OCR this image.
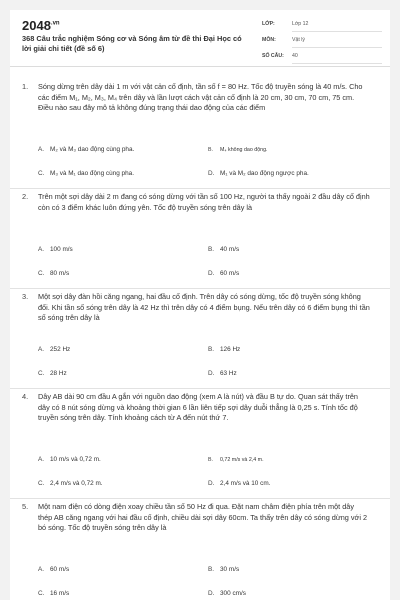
$2048^{.vn}$
368 Câu trắc nghiệm Sóng cơ và Sóng âm từ đề thi Đại Học có lời giải chi tiết (đề số 6)
LỚP:	Lớp 12
MÔN:	Vật lý
SỐ CÂU:	40
1. Sóng dừng trên dây dài 1 m với vật cản cố định, tần số f = 80 Hz. Tốc độ truyền sóng là 40 m/s. Cho các điểm M₁, M₂, M₃, M₄ trên dây và lần lượt cách vật cản cố định là 20 cm, 30 cm, 70 cm, 75 cm. Điều nào sau đây mô tả không đúng trạng thái dao động của các điểm
A. M₂ và M₃ dao động cùng pha.	B. M₄ không dao động.
C. M₃ và M₁ dao động cùng pha.	D. M₁ và M₂ dao động ngược pha.
2. Trên một sợi dây dài 2 m đang có sóng dừng với tần số 100 Hz, người ta thấy ngoài 2 đầu dây cố định còn có 3 điểm khác luôn đứng yên. Tốc độ truyền sóng trên dây là
A. 100 m/s	B. 40 m/s
C. 80 m/s	D. 60 m/s
3. Một sợi dây đàn hồi căng ngang, hai đầu cố định. Trên dây có sóng dừng, tốc độ truyền sóng không đổi. Khi tần số sóng trên dây là 42 Hz thì trên dây có 4 điểm bụng. Nếu trên dây có 6 điểm bụng thì tần số sóng trên dây là
A. 252 Hz	B. 126 Hz
C. 28 Hz	D. 63 Hz
4. Dây AB dài 90 cm đầu A gắn với nguồn dao động (xem A là nút) và đầu B tự do. Quan sát thấy trên dây có 8 nút sóng dừng và khoảng thời gian 6 lần liên tiếp sợi dây duỗi thẳng là 0,25 s. Tính tốc độ truyền sóng trên dây. Tính khoảng cách từ A đến nút thứ 7.
A. 10 m/s và 0,72 m.	B. 0,72 m/s và 2,4 m.
C. 2,4 m/s và 0,72 m.	D. 2,4 m/s và 10 cm.
5. Một nam điện có dòng điện xoay chiều tần số 50 Hz đi qua. Đặt nam châm điện phía trên một dây thép AB căng ngang với hai đầu cố định, chiều dài sợi dây 60cm. Ta thấy trên dây có sóng dừng với 2 bó sóng. Tốc độ truyền sóng trên dây là
A. 60 m/s	B. 30 m/s
C. 16 m/s	D. 300 cm/s
